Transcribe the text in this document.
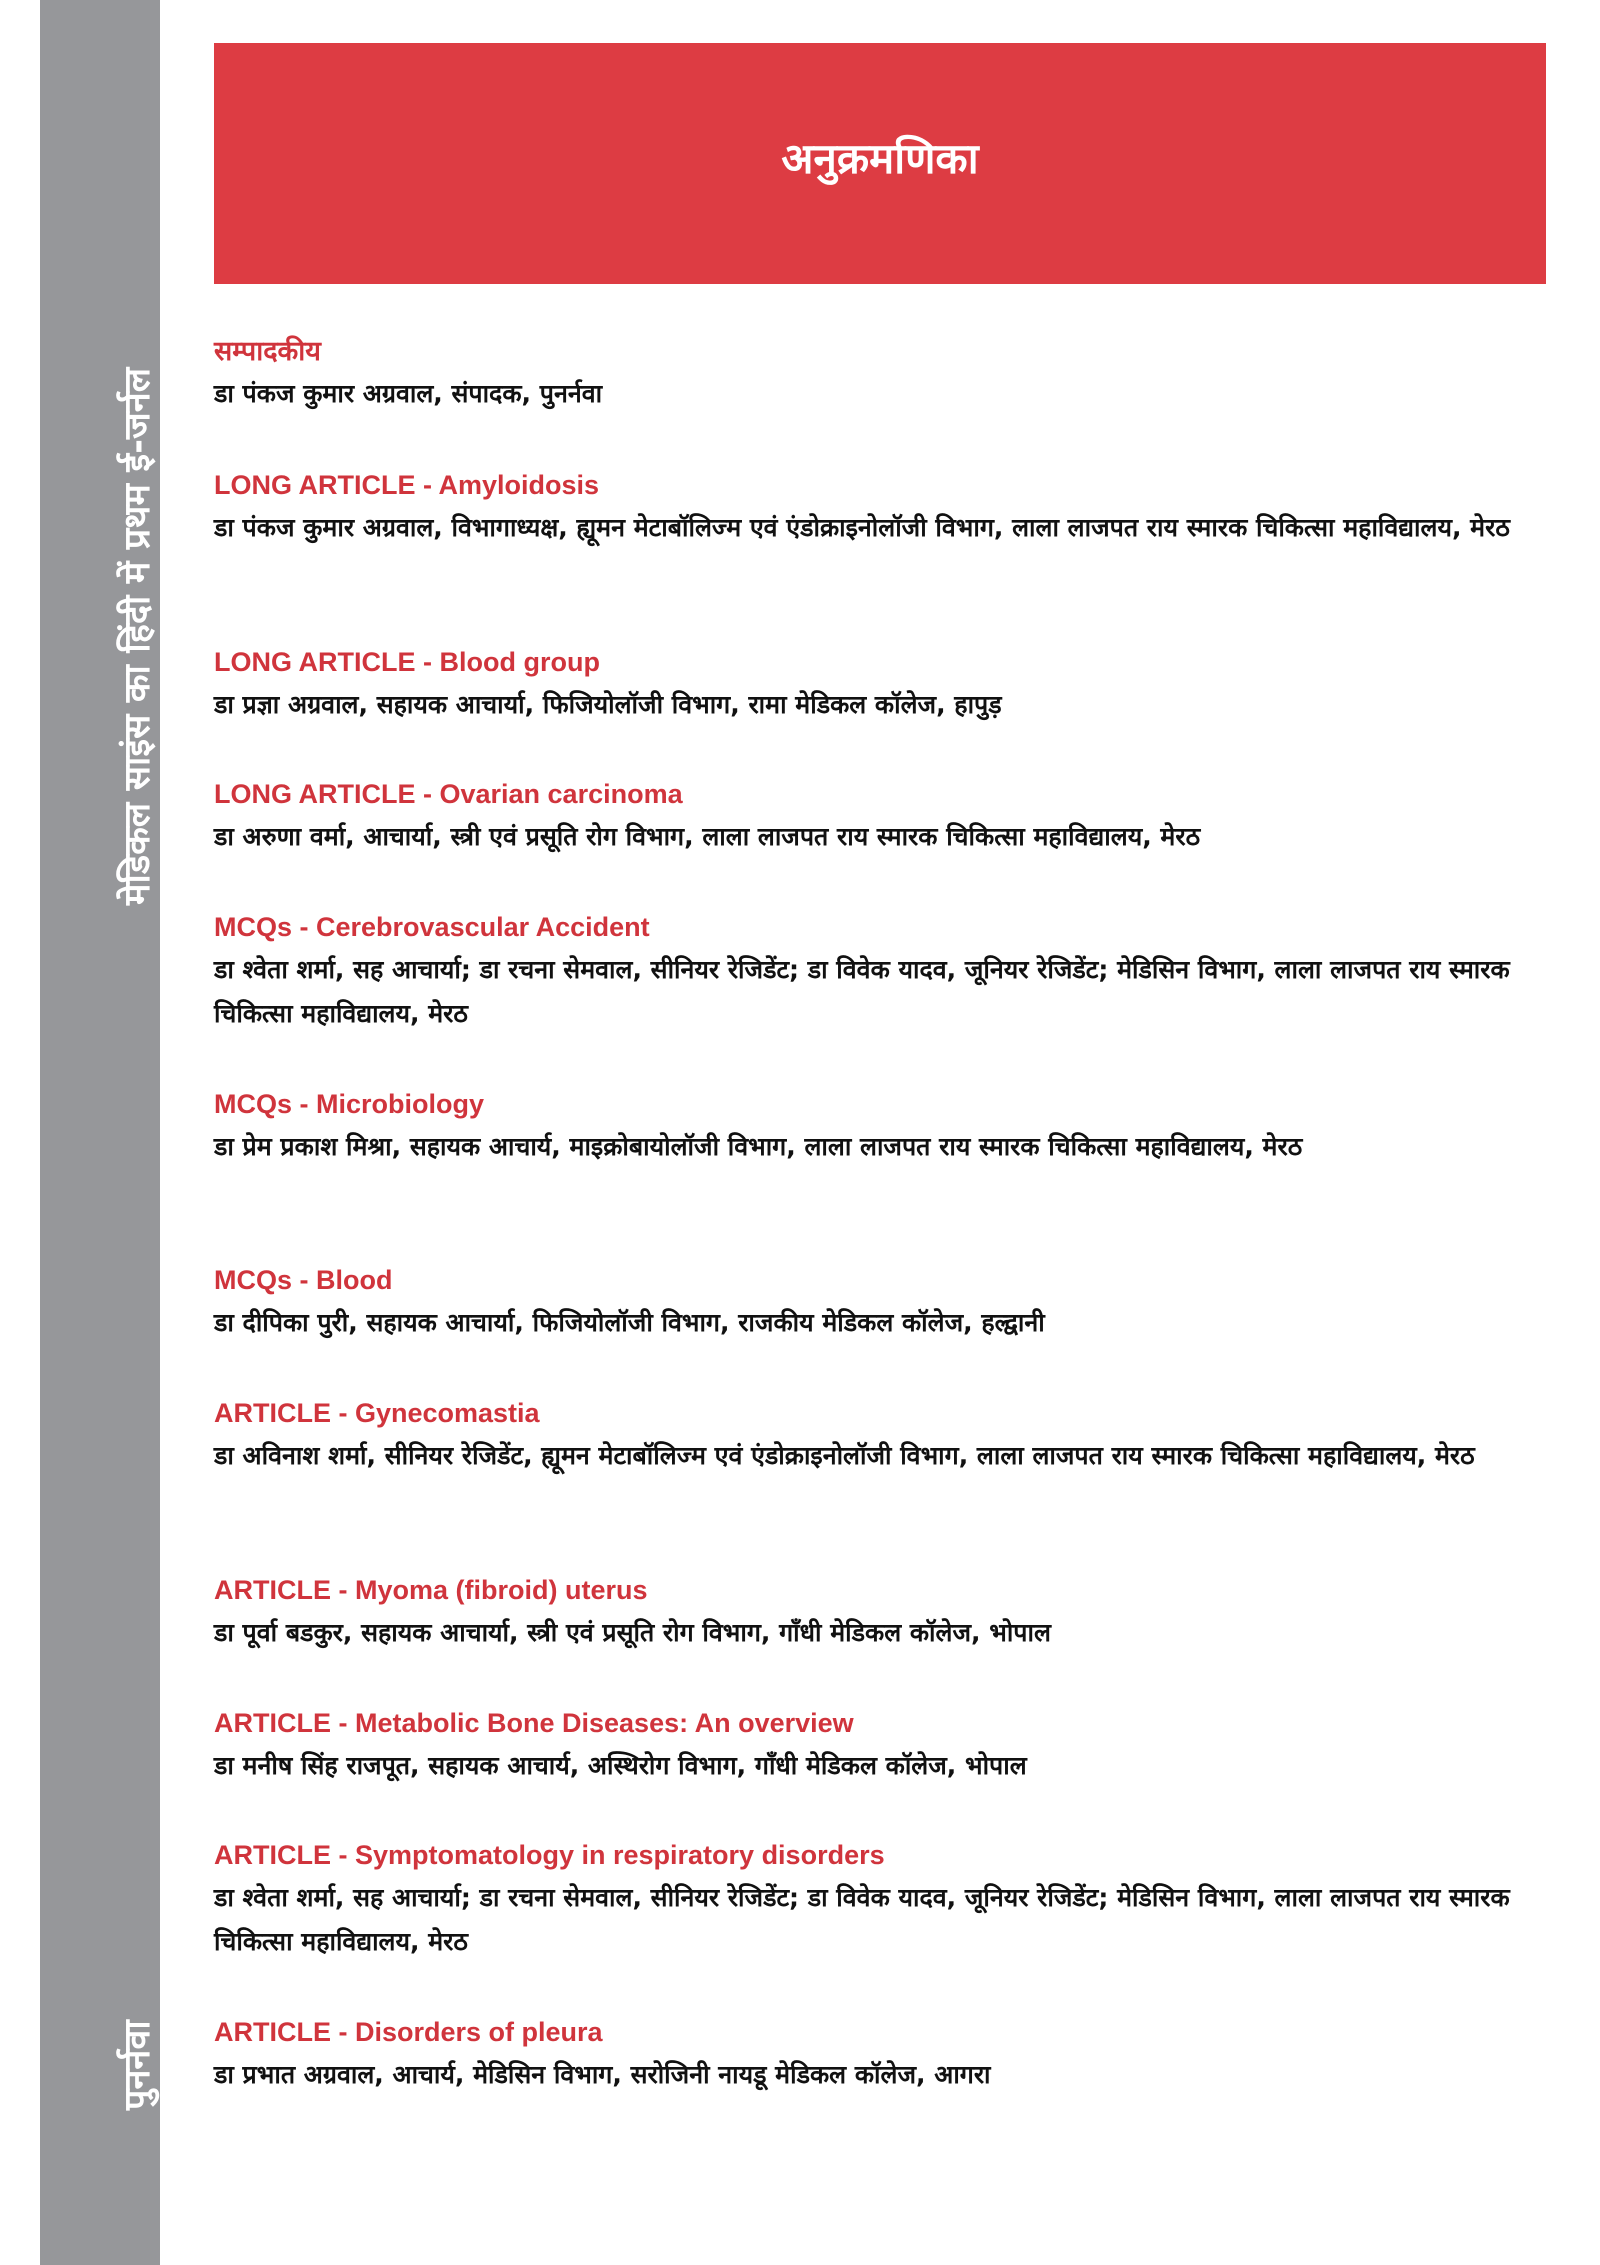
मेडिकल साइंस का हिंदी में प्रथम ई-जर्नल
पुनर्नवा
अनुक्रमणिका
सम्पादकीय
डा पंकज कुमार अग्रवाल, संपादक, पुनर्नवा
LONG ARTICLE - Amyloidosis
डा पंकज कुमार अग्रवाल, विभागाध्यक्ष, ह्यूमन मेटाबॉलिज्म एवं एंडोक्राइनोलॉजी विभाग, लाला लाजपत राय स्मारक चिकित्सा महाविद्यालय, मेरठ
LONG ARTICLE - Blood group
डा प्रज्ञा अग्रवाल, सहायक आचार्या, फिजियोलॉजी विभाग, रामा मेडिकल कॉलेज, हापुड़
LONG ARTICLE - Ovarian carcinoma
डा अरुणा वर्मा, आचार्या, स्त्री एवं प्रसूति रोग विभाग, लाला लाजपत राय स्मारक चिकित्सा महाविद्यालय, मेरठ
MCQs - Cerebrovascular Accident
डा श्वेता शर्मा, सह आचार्या; डा रचना सेमवाल, सीनियर रेजिडेंट; डा विवेक यादव, जूनियर रेजिडेंट; मेडिसिन विभाग, लाला लाजपत राय स्मारक चिकित्सा महाविद्यालय, मेरठ
MCQs - Microbiology
डा प्रेम प्रकाश मिश्रा, सहायक आचार्य, माइक्रोबायोलॉजी विभाग, लाला लाजपत राय स्मारक चिकित्सा महाविद्यालय, मेरठ
MCQs - Blood
डा दीपिका पुरी, सहायक आचार्या, फिजियोलॉजी विभाग, राजकीय मेडिकल कॉलेज, हल्द्वानी
ARTICLE - Gynecomastia
डा अविनाश शर्मा, सीनियर रेजिडेंट, ह्यूमन मेटाबॉलिज्म एवं एंडोक्राइनोलॉजी विभाग, लाला लाजपत राय स्मारक चिकित्सा महाविद्यालय, मेरठ
ARTICLE - Myoma (fibroid) uterus
डा पूर्वा बडकुर, सहायक आचार्या, स्त्री एवं प्रसूति रोग विभाग, गाँधी मेडिकल कॉलेज, भोपाल
ARTICLE - Metabolic Bone Diseases: An overview
डा मनीष सिंह राजपूत, सहायक आचार्य, अस्थिरोग विभाग, गाँधी मेडिकल कॉलेज, भोपाल
ARTICLE - Symptomatology in respiratory disorders
डा श्वेता शर्मा, सह आचार्या; डा रचना सेमवाल, सीनियर रेजिडेंट; डा विवेक यादव, जूनियर रेजिडेंट; मेडिसिन विभाग, लाला लाजपत राय स्मारक चिकित्सा महाविद्यालय, मेरठ
ARTICLE - Disorders of pleura
डा प्रभात अग्रवाल, आचार्य, मेडिसिन विभाग, सरोजिनी नायडू मेडिकल कॉलेज, आगरा
